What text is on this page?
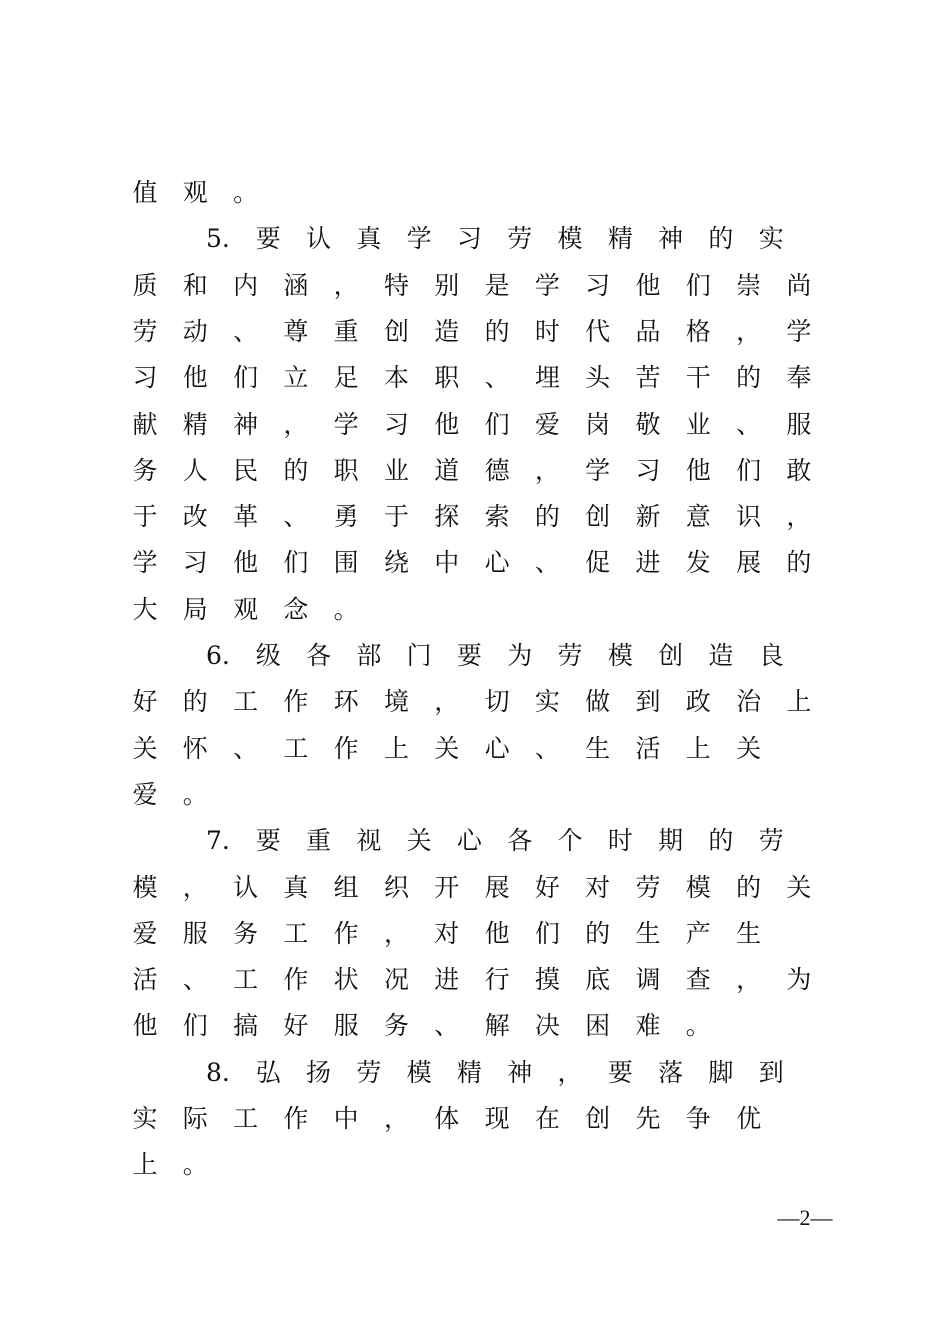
值 观 。
5. 要 认 真 学 习 劳 模 精 神 的 实
质 和 内 涵 ， 特 别 是 学 习 他 们 崇 尚
劳 动 、 尊 重 创 造 的 时 代 品 格 ， 学
习 他 们 立 足 本 职 、 埋 头 苦 干 的 奉
献 精 神 ， 学 习 他 们 爱 岗 敬 业 、 服
务 人 民 的 职 业 道 德 ， 学 习 他 们 敢
于 改 革 、 勇 于 探 索 的 创 新 意 识 ，
学 习 他 们 围 绕 中 心 、 促 进 发 展 的
大 局 观 念 。
6. 级 各 部 门 要 为 劳 模 创 造 良
好 的 工 作 环 境 ， 切 实 做 到 政 治 上
关 怀 、 工 作 上 关 心 、 生 活 上 关
爱 。
7. 要 重 视 关 心 各 个 时 期 的 劳
模 ， 认 真 组 织 开 展 好 对 劳 模 的 关
爱 服 务 工 作 ， 对 他 们 的 生 产 生
活 、 工 作 状 况 进 行 摸 底 调 查 ， 为
他 们 搞 好 服 务 、 解 决 困 难 。
8. 弘 扬 劳 模 精 神 ， 要 落 脚 到
实 际 工 作 中 ， 体 现 在 创 先 争 优
上 。
—2—
